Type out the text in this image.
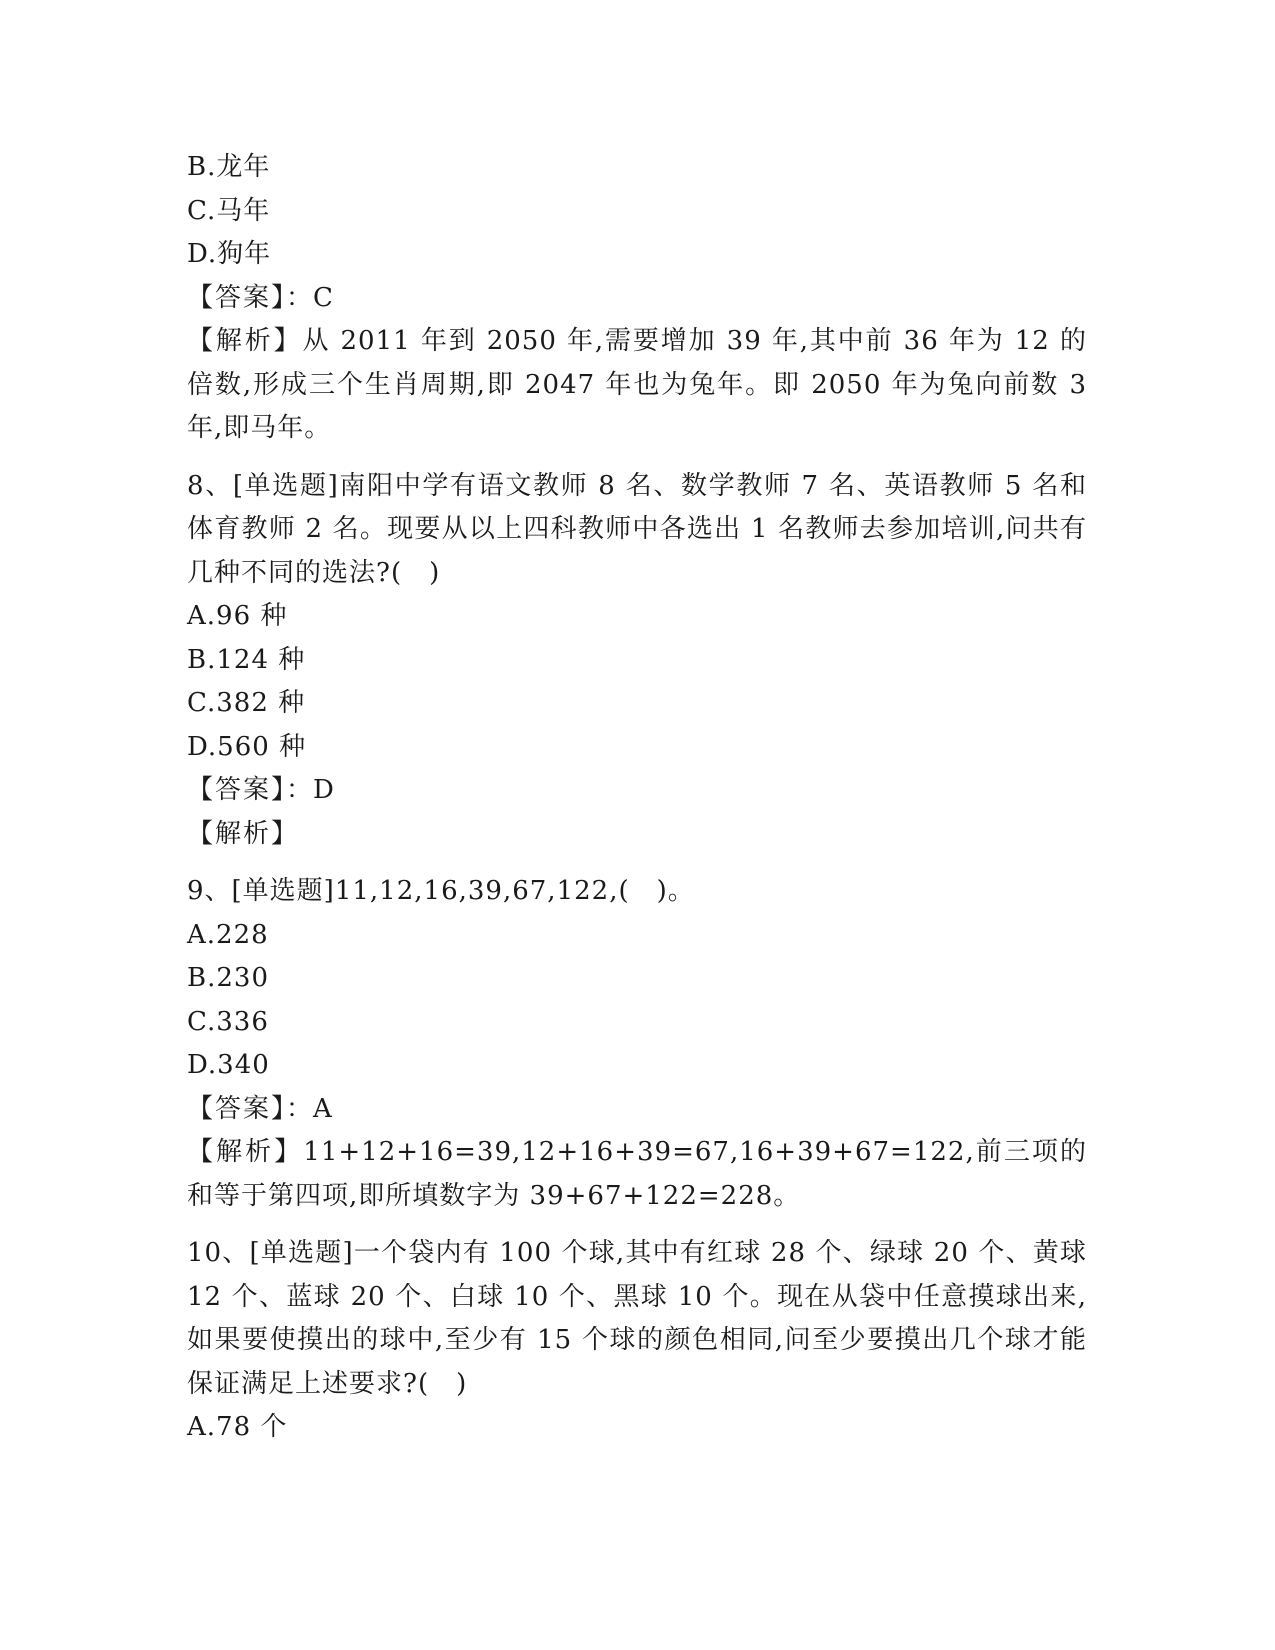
B.龙年
C.马年
D.狗年
【答案】：C
【解析】从 2011 年到 2050 年,需要增加 39 年,其中前 36 年为 12 的倍数,形成三个生肖周期,即 2047 年也为兔年。即 2050 年为兔向前数 3 年,即马年。
8、[单选题]南阳中学有语文教师 8 名、数学教师 7 名、英语教师 5 名和体育教师 2 名。现要从以上四科教师中各选出 1 名教师去参加培训,问共有几种不同的选法?(　)
A.96 种
B.124 种
C.382 种
D.560 种
【答案】：D
【解析】
9、[单选题]11,12,16,39,67,122,(　)。
A.228
B.230
C.336
D.340
【答案】：A
【解析】11+12+16=39,12+16+39=67,16+39+67=122,前三项的和等于第四项,即所填数字为 39+67+122=228。
10、[单选题]一个袋内有 100 个球,其中有红球 28 个、绿球 20 个、黄球 12 个、蓝球 20 个、白球 10 个、黑球 10 个。现在从袋中任意摸球出来,如果要使摸出的球中,至少有 15 个球的颜色相同,问至少要摸出几个球才能保证满足上述要求?(　)
A.78 个
